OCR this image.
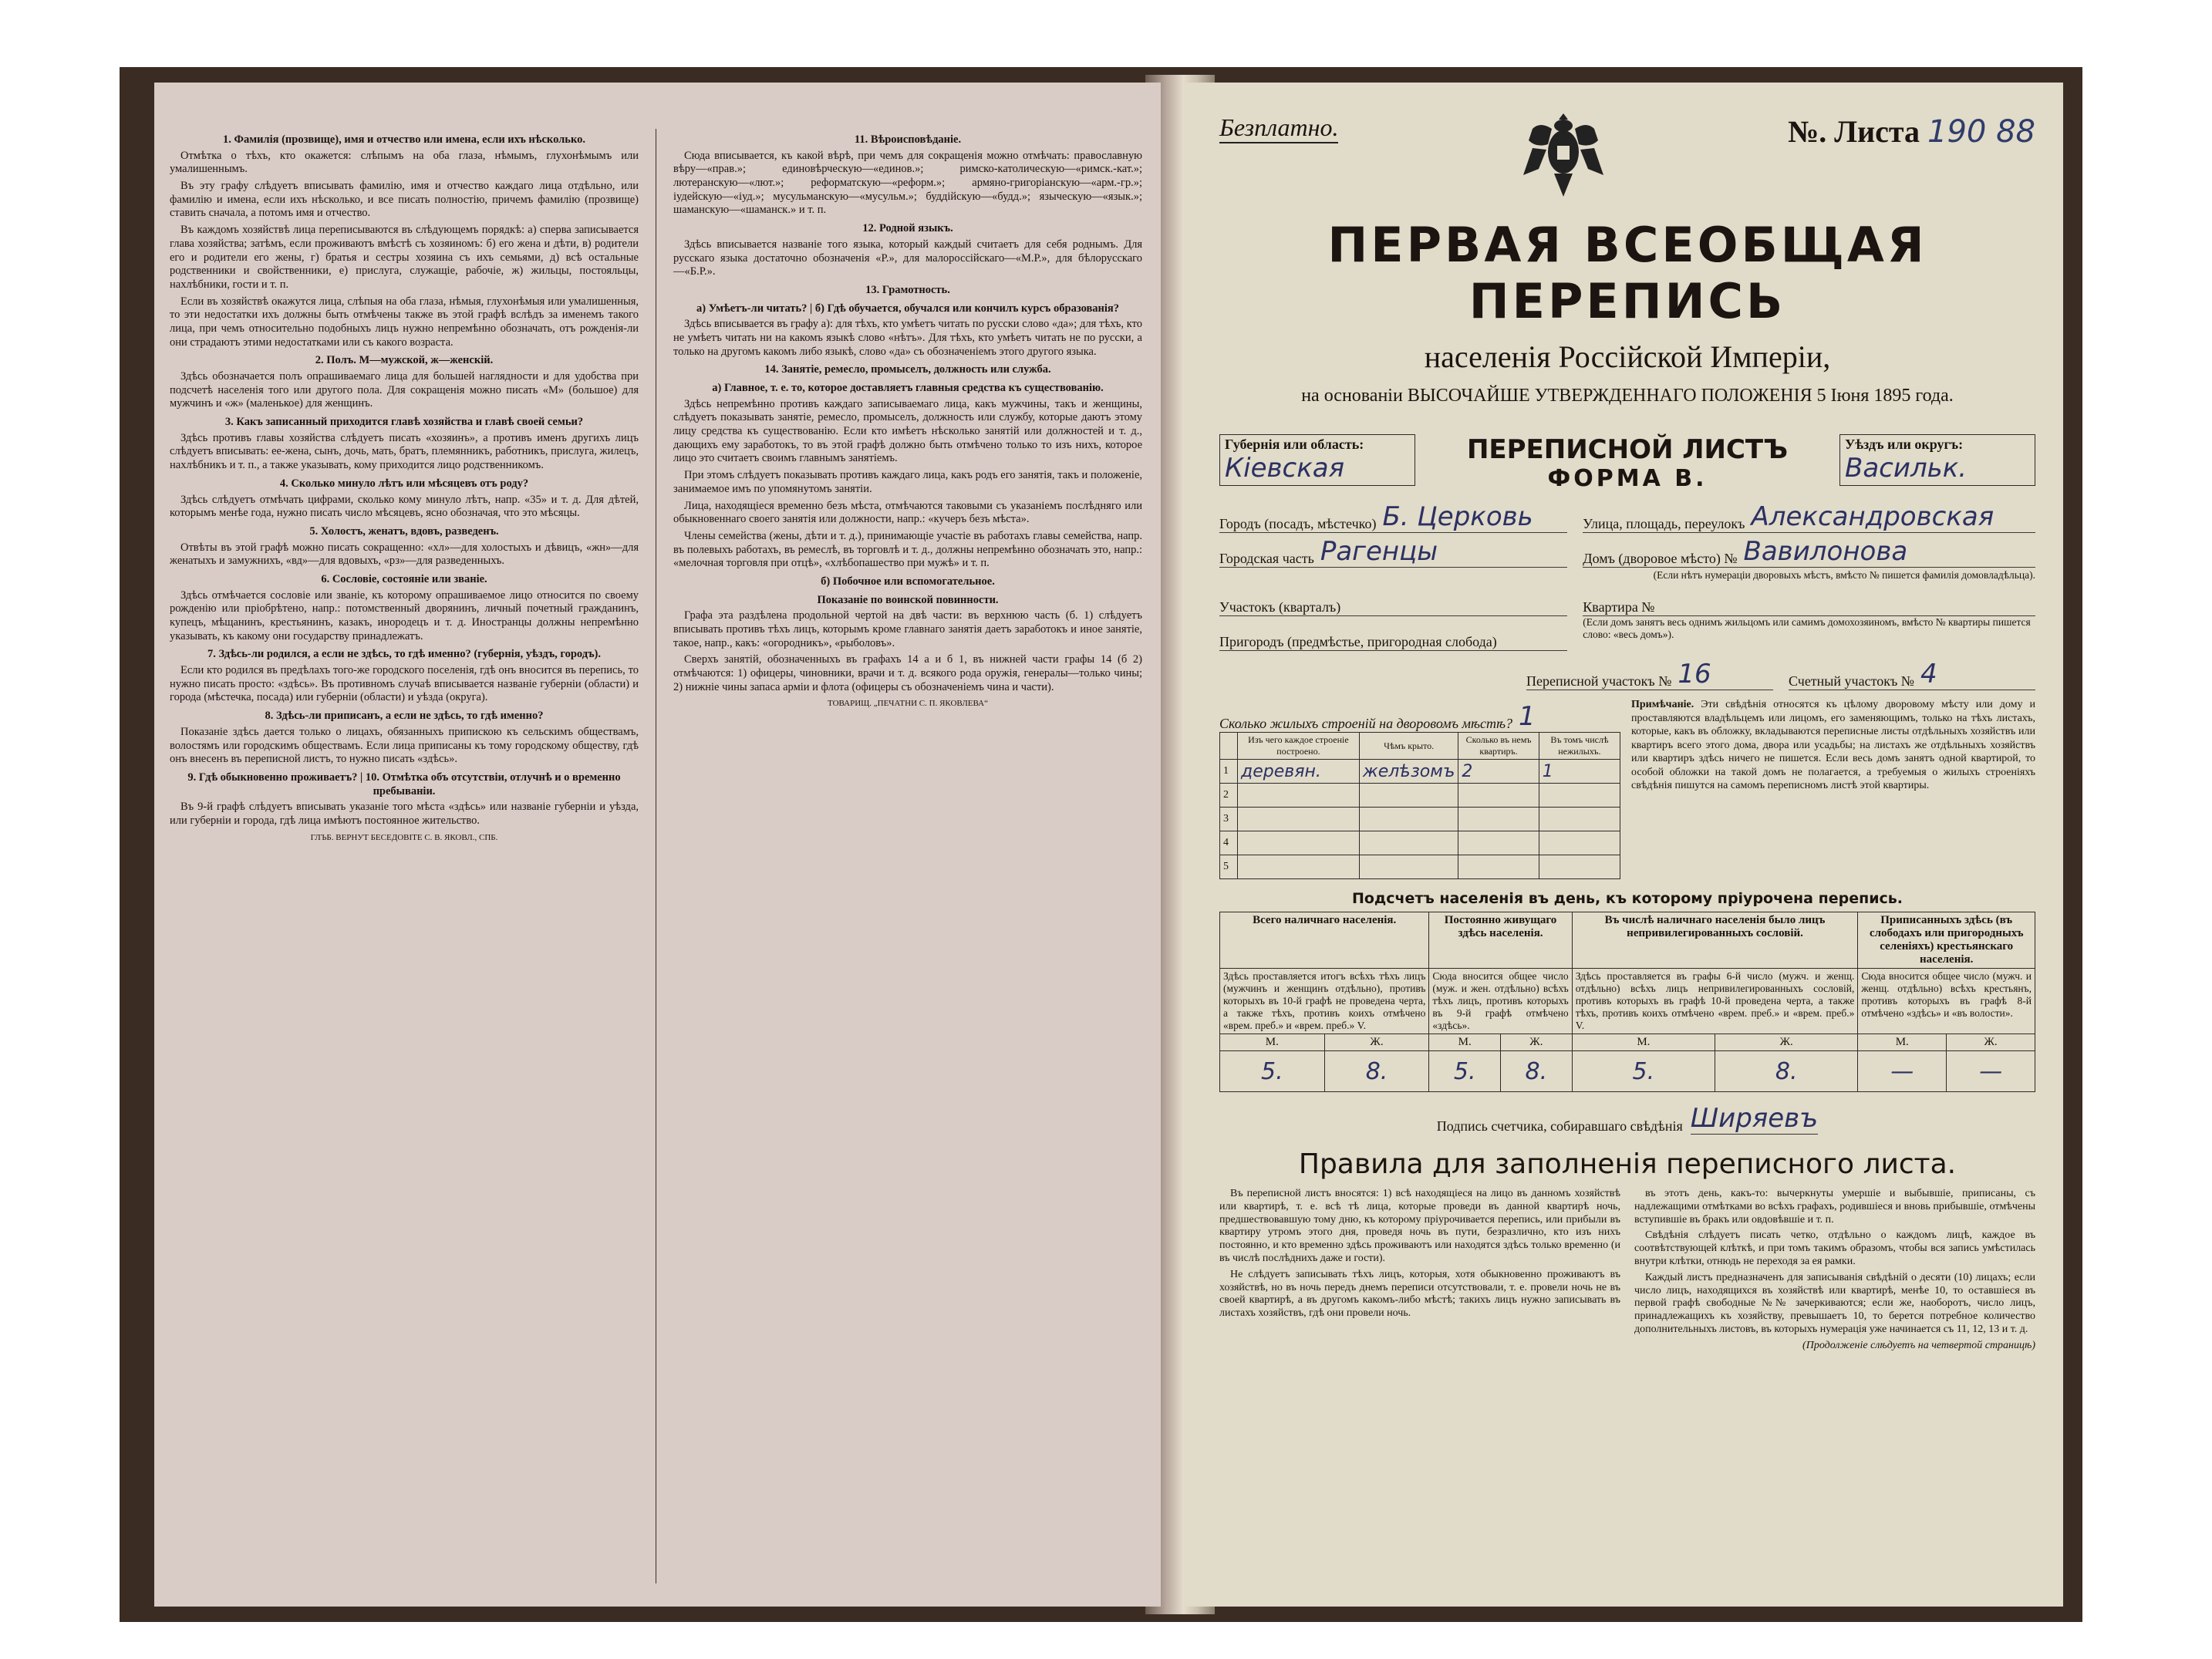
1. Фамилія (прозвище), имя и отчество или имена, если ихъ нѣсколько.

Отмѣтка о тѣхъ, кто окажется: слѣпымъ на оба глаза, нѣмымъ, глухонѣмымъ или умалишеннымъ.

Въ эту графу слѣдуетъ вписывать фамилію, имя и отчество каждаго лица отдѣльно, или фамилію и имена, если ихъ нѣсколько, и все писать полностію, причемъ фамилію (прозвище) ставить сначала, а потомъ имя и отчество.

Въ каждомъ хозяйствѣ лица переписываются въ слѣдующемъ порядкѣ: а) сперва записывается глава хозяйства; затѣмъ, если проживаютъ вмѣстѣ съ хозяиномъ: б) его жена и дѣти, в) родители его и родители его жены, г) братья и сестры хозяина съ ихъ семьями, д) всѣ остальные родственники и свойственники, е) прислуга, служащіе, рабочіе, ж) жильцы, постояльцы, нахлѣбники, гости и т. п.

Если въ хозяйствѣ окажутся лица, слѣпыя на оба глаза, нѣмыя, глухонѣмыя или умалишенныя, то эти недостатки ихъ должны быть отмѣчены также въ этой графѣ вслѣдъ за именемъ такого лица, при чемъ относительно подобныхъ лицъ нужно непремѣнно обозначать, отъ рожденія-ли они страдаютъ этими недостатками или съ какого возраста.

2. Полъ. М—мужской, ж—женскій.

Здѣсь обозначается полъ опрашиваемаго лица для большей наглядности и для удобства при подсчетѣ населенія того или другого пола. Для сокращенія можно писать «М» (большое) для мужчинъ и «ж» (маленькое) для женщинъ.

3. Какъ записанный приходится главѣ хозяйства и главѣ своей семьи?

Здѣсь противъ главы хозяйства слѣдуетъ писать «хозяинъ», а противъ именъ другихъ лицъ слѣдуетъ вписывать: ее-жена, сынъ, дочь, мать, братъ, племянникъ, работникъ, прислуга, жилецъ, нахлѣбникъ и т. п., а также указывать, кому приходится лицо родственникомъ.

4. Сколько минуло лѣтъ или мѣсяцевъ отъ роду?

Здѣсь слѣдуетъ отмѣчать цифрами, сколько кому минуло лѣтъ, напр. «35» и т. д. Для дѣтей, которымъ менѣе года, нужно писать число мѣсяцевъ, ясно обозначая, что это мѣсяцы.

5. Холостъ, женатъ, вдовъ, разведенъ.

Отвѣты въ этой графѣ можно писать сокращенно: «хл»—для холостыхъ и дѣвицъ, «жн»—для женатыхъ и замужнихъ, «вд»—для вдовыхъ, «рз»—для разведенныхъ.

6. Сословіе, состояніе или званіе.

Здѣсь отмѣчается сословіе или званіе, къ которому опрашиваемое лицо относится по своему рожденію или пріобрѣтено, напр.: потомственный дворянинъ, личный почетный гражданинъ, купецъ, мѣщанинъ, крестьянинъ, казакъ, инородецъ и т. д. Иностранцы должны непремѣнно указывать, къ какому они государству принадлежатъ.

7. Здѣсь-ли родился, а если не здѣсь, то гдѣ именно? (губернія, уѣздъ, городъ).

Если кто родился въ предѣлахъ того-же городского поселенія, гдѣ онъ вносится въ перепись, то нужно писать просто: «здѣсь». Въ противномъ случаѣ вписывается названіе губерніи (области) и города (мѣстечка, посада) или губерніи (области) и уѣзда (округа).

8. Здѣсь-ли приписанъ, а если не здѣсь, то гдѣ именно?

Показаніе здѣсь дается только о лицахъ, обязанныхъ припискою къ сельскимъ обществамъ, волостямъ или городскимъ обществамъ. Если лица приписаны къ тому городскому обществу, гдѣ онъ внесенъ въ переписной листъ, то нужно писать «здѣсь».

9. Гдѣ обыкновенно проживаетъ? | 10. Отмѣтка объ отсутствіи, отлучнѣ и о временно пребываніи.

Въ 9-й графѣ слѣдуетъ вписывать указаніе того мѣста «здѣсь» или названіе губерніи и уѣзда, или губерніи и города, гдѣ лица имѣютъ постоянное жительство.

ГЛЪБ. ВЕРНУТ БЕСЕДОВІТЕ С. В. ЯКОВЛ., СПБ.
11. Вѣроисповѣданіе.

Сюда вписывается, къ какой вѣрѣ, при чемъ для сокращенія можно отмѣчать: православную вѣру—«прав.»; единовѣрческую—«единов.»; римско-католическую—«римск.-кат.»; лютеранскую—«лют.»; реформатскую—«реформ.»; армяно-григоріанскую—«арм.-гр.»; іудейскую—«іуд.»; мусульманскую—«мусульм.»; буддійскую—«будд.»; языческую—«язык.»; шаманскую—«шаманск.» и т. п.

12. Родной языкъ.

Здѣсь вписывается названіе того языка, который каждый считаетъ для себя роднымъ. Для русскаго языка достаточно обозначенія «Р.», для малороссійскаго—«М.Р.», для бѣлорусскаго—«Б.Р.».

13. Грамотность.
а) Умѣетъ-ли читать? | б) Гдѣ обучается, обучался или кончилъ курсъ образованія?

Здѣсь вписывается въ графу а): для тѣхъ, кто умѣетъ читать по русски слово «да»; для тѣхъ, кто не умѣетъ читать ни на какомъ языкѣ слово «нѣтъ». Для тѣхъ, кто умѣетъ читать не по русски, а только на другомъ какомъ либо языкѣ, слово «да» съ обозначеніемъ этого другого языка.

14. Занятіе, ремесло, промыселъ, должность или служба.
а) Главное, т. е. то, которое доставляетъ главныя средства къ существованію.

Здѣсь непремѣнно противъ каждаго записываемаго лица, какъ мужчины, такъ и женщины, слѣдуетъ показывать занятіе, ремесло, промыселъ, должность или службу, которые даютъ этому лицу средства къ существованію. Если кто имѣетъ нѣсколько занятій или должностей и т. д., дающихъ ему заработокъ, то въ этой графѣ должно быть отмѣчено только то изъ нихъ, которое лицо это считаетъ своимъ главнымъ занятіемъ.

При этомъ слѣдуетъ показывать противъ каждаго лица, какъ родъ его занятія, такъ и положеніе, занимаемое имъ по упомянутомъ занятіи.

Лица, находящіеся временно безъ мѣста, отмѣчаются таковыми съ указаніемъ послѣдняго или обыкновеннаго своего занятія или должности, напр.: «кучеръ безъ мѣста».

Члены семейства (жены, дѣти и т. д.), принимающіе участіе въ работахъ главы семейства, напр. въ полевыхъ работахъ, въ ремеслѣ, въ торговлѣ и т. д., должны непремѣнно обозначать это, напр.: «мелочная торговля при отцѣ», «хлѣбопашество при мужѣ» и т. п.

б) Побочное или вспомогательное.
Показаніе по воинской повинности.

Графа эта раздѣлена продольной чертой на двѣ части: въ верхнюю часть (б. 1) слѣдуетъ вписывать противъ тѣхъ лицъ, которымъ кроме главнаго занятія даетъ заработокъ и иное занятіе, такое, напр., какъ: «огородникъ», «рыболовъ».

Сверхъ занятій, обозначенныхъ въ графахъ 14 а и б 1, въ нижней части графы 14 (б 2) отмѣчаются: 1) офицеры, чиновники, врачи и т. д. всякого рода оружія, генералы—только чины; 2) нижніе чины запаса арміи и флота (офицеры съ обозначеніемъ чина и части).

ТОВАРИЩ. „ПЕЧАТНИ С. П. ЯКОВЛЕВА“
Безплатно.	№. Листа 190 88
ПЕРВАЯ ВСЕОБЩАЯ ПЕРЕПИСЬ
населенія Россійской Имперіи,
на основаніи ВЫСОЧАЙШЕ УТВЕРЖДЕННАГО ПОЛОЖЕНІЯ 5 Іюня 1895 года.
Губернія или область:
Кіевская
ПЕРЕПИСНОЙ ЛИСТЪ
ФОРМА В.
Уѣздъ или округъ:
Васильк.
Городъ (посадъ, мѣстечко) Б. Церковь	Улица, площадь, переулокъ Александровская
Городская часть Рагенцы	Домъ (дворовое мѣсто) № Вавилонова
(Если нѣтъ нумераціи дворовыхъ мѣстъ, вмѣсто № пишется фамилія домовладѣльца).
Участокъ (кварталъ)	Квартира №
Пригородъ (предмѣстье, пригородная слобода)
(Если домъ занятъ весь однимъ жильцомъ или самимъ домохозяиномъ, вмѣсто № квартиры пишется слово: «весь домъ»).
Переписной участокъ № 16	Счетный участокъ № 4
Сколько жилыхъ строеній на дворовомъ мѣстѣ? 1
	Изъ чего каждое строеніе построено.	Чѣмъ крыто.	Сколько въ немъ квартиръ.	Въ томъ числѣ нежилыхъ.
1	деревян.	желѣзомъ	2	1
2				
3				
4				
5				
Примѣчаніе. Эти свѣдѣнія относятся къ цѣлому дворовому мѣсту или дому и проставляются владѣльцемъ или лицомъ, его заменяющимъ, только на тѣхъ листахъ, которые, какъ въ обложку, вкладываются переписные листы отдѣльныхъ хозяйствъ или квартиръ всего этого дома, двора или усадьбы; на листахъ же отдѣльныхъ хозяйствъ или квартиръ здѣсь ничего не пишется. Если весь домъ занятъ одной квартирой, то особой обложки на такой домъ не полагается, а требуемыя о жилыхъ строеніяхъ свѣдѣнія пишутся на самомъ переписномъ листѣ этой квартиры.
Подсчетъ населенія въ день, къ которому пріурочена перепись.
Всего наличнаго населенія.		Постоянно живущаго здѣсь населенія.		Въ числѣ наличнаго населенія было лицъ непривилегированныхъ сословій.		Приписанныхъ здѣсь (въ слободахъ или пригородныхъ селеніяхъ) крестьянскаго населенія.	
Здѣсь проставляется итогъ всѣхъ тѣхъ лицъ (мужчинъ и женщинъ отдѣльно), противъ которыхъ въ 10-й графѣ не проведена черта, а также тѣхъ, противъ коихъ отмѣчено «врем. преб.» и «врем. преб.» V.		Сюда вносится общее число (муж. и жен. отдѣльно) всѣхъ тѣхъ лицъ, противъ которыхъ въ 9-й графѣ отмѣчено «здѣсь».		Здѣсь проставляется въ графы 6-й число (мужч. и женщ. отдѣльно) всѣхъ лицъ непривилегированныхъ сословій, противъ которыхъ въ графѣ 10-й проведена черта, а также тѣхъ, противъ коихъ отмѣчено «врем. преб.» и «врем. преб.» V.		Сюда вносится общее число (мужч. и женщ. отдѣльно) всѣхъ крестьянъ, противъ которыхъ въ графѣ 8-й отмѣчено «здѣсь» и «въ волости».	
М.	Ж.	М.	Ж.	М.	Ж.	М.	Ж.
5.	8.	5.	8.	5.	8.	—	—
Подпись счетчика, собиравшаго свѣдѣнія Ширяевъ
Правила для заполненія переписного листа.

Въ переписной листъ вносятся: 1) всѣ находящіеся на лицо въ данномъ хозяйствѣ или квартирѣ, т. е. всѣ тѣ лица, которые проведи въ данной квартирѣ ночь, предшествовавшую тому дню, къ которому пріурочивается перепись, или прибыли въ квартиру утромъ этого дня, проведя ночь въ пути, безразлично, кто изъ нихъ постоянно, и кто временно здѣсь проживаютъ или находятся здѣсь только временно (и въ числѣ послѣднихъ даже и гости).

Не слѣдуетъ записывать тѣхъ лицъ, которыя, хотя обыкновенно проживаютъ въ хозяйствѣ, но въ ночь передъ днемъ переписи отсутствовали, т. е. провели ночь не въ своей квартирѣ, а въ другомъ какомъ-либо мѣстѣ; такихъ лицъ нужно записывать въ листахъ хозяйствъ, гдѣ они провели ночь.

въ этотъ день, какъ-то: вычеркнуты умершіе и выбывшіе, приписаны, съ надлежащими отмѣтками во всѣхъ графахъ, родившіеся и вновь прибывшіе, отмѣчены вступившіе въ бракъ или овдовѣвшіе и т. п.

Свѣдѣнія слѣдуетъ писать четко, отдѣльно о каждомъ лицѣ, каждое въ соотвѣтствующей клѣткѣ, и при томъ такимъ образомъ, чтобы вся запись умѣстилась внутри клѣтки, отнюдь не переходя за ея рамки.

Каждый листъ предназначенъ для записыванія свѣдѣній о десяти (10) лицахъ; если число лицъ, находящихся въ хозяйствѣ или квартирѣ, менѣе 10, то оставшіеся въ первой графѣ свободные №№ зачеркиваются; если же, наоборотъ, число лицъ, принадлежащихъ къ хозяйству, превышаетъ 10, то берется потребное количество дополнительныхъ листовъ, въ которыхъ нумерація уже начинается съ 11, 12, 13 и т. д.

(Продолженіе слѣдуетъ на четвертой страницѣ)
